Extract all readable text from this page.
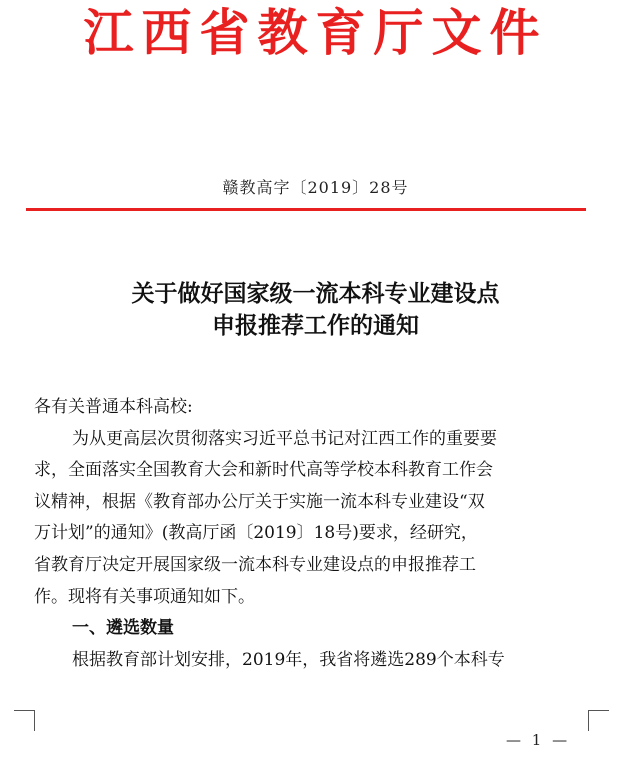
江西省教育厅文件
赣教高字〔2019〕28号
关于做好国家级一流本科专业建设点
申报推荐工作的通知

各有关普通本科高校:

为从更高层次贯彻落实习近平总书记对江西工作的重要要

求，全面落实全国教育大会和新时代高等学校本科教育工作会

议精神，根据《教育部办公厅关于实施一流本科专业建设“双

万计划”的通知》(教高厅函〔2019〕18号)要求，经研究，

省教育厅决定开展国家级一流本科专业建设点的申报推荐工

作。现将有关事项通知如下。

一、遴选数量

根据教育部计划安排，2019年，我省将遴选289个本科专

— 1 —
